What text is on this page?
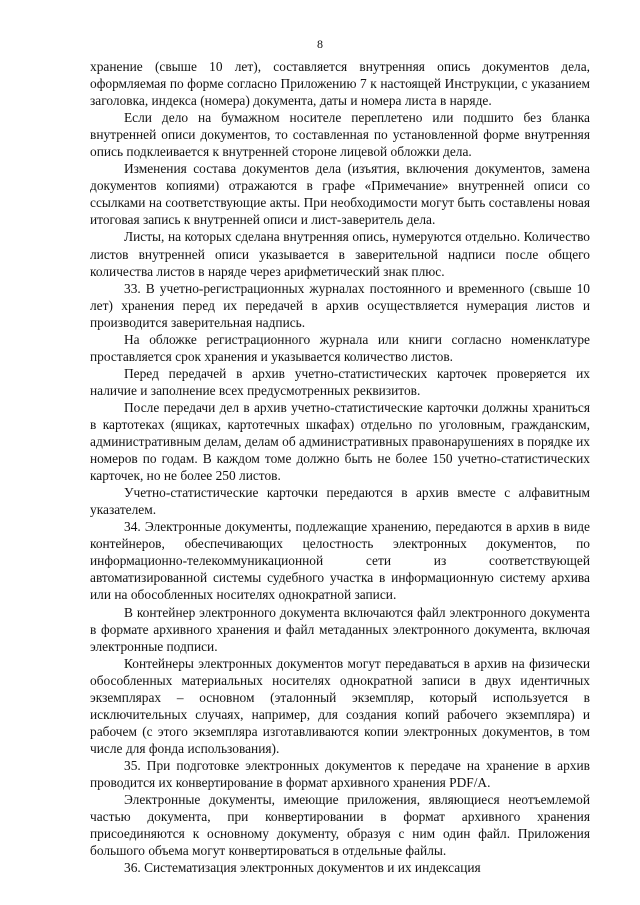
8

хранение (свыше 10 лет), составляется внутренняя опись документов дела, оформляемая по форме согласно Приложению 7 к настоящей Инструкции, с указанием заголовка, индекса (номера) документа, даты и номера листа в наряде.

Если дело на бумажном носителе переплетено или подшито без бланка внутренней описи документов, то составленная по установленной форме внутренняя опись подклеивается к внутренней стороне лицевой обложки дела.

Изменения состава документов дела (изъятия, включения документов, замена документов копиями) отражаются в графе «Примечание» внутренней описи со ссылками на соответствующие акты. При необходимости могут быть составлены новая итоговая запись к внутренней описи и лист-заверитель дела.

Листы, на которых сделана внутренняя опись, нумеруются отдельно. Количество листов внутренней описи указывается в заверительной надписи после общего количества листов в наряде через арифметический знак плюс.

33. В учетно-регистрационных журналах постоянного и временного (свыше 10 лет) хранения перед их передачей в архив осуществляется нумерация листов и производится заверительная надпись.

На обложке регистрационного журнала или книги согласно номенклатуре проставляется срок хранения и указывается количество листов.

Перед передачей в архив учетно-статистических карточек проверяется их наличие и заполнение всех предусмотренных реквизитов.

После передачи дел в архив учетно-статистические карточки должны храниться в картотеках (ящиках, картотечных шкафах) отдельно по уголовным, гражданским, административным делам, делам об административных правонарушениях в порядке их номеров по годам. В каждом томе должно быть не более 150 учетно-статистических карточек, но не более 250 листов.

Учетно-статистические карточки передаются в архив вместе с алфавитным указателем.

34. Электронные документы, подлежащие хранению, передаются в архив в виде контейнеров, обеспечивающих целостность электронных документов, по информационно-телекоммуникационной сети из соответствующей автоматизированной системы судебного участка в информационную систему архива или на обособленных носителях однократной записи.

В контейнер электронного документа включаются файл электронного документа в формате архивного хранения и файл метаданных электронного документа, включая электронные подписи.

Контейнеры электронных документов могут передаваться в архив на физически обособленных материальных носителях однократной записи в двух идентичных экземплярах – основном (эталонный экземпляр, который используется в исключительных случаях, например, для создания копий рабочего экземпляра) и рабочем (с этого экземпляра изготавливаются копии электронных документов, в том числе для фонда использования).

35. При подготовке электронных документов к передаче на хранение в архив проводится их конвертирование в формат архивного хранения PDF/A.

Электронные документы, имеющие приложения, являющиеся неотъемлемой частью документа, при конвертировании в формат архивного хранения присоединяются к основному документу, образуя с ним один файл. Приложения большого объема могут конвертироваться в отдельные файлы.

36. Систематизация электронных документов и их индексация
